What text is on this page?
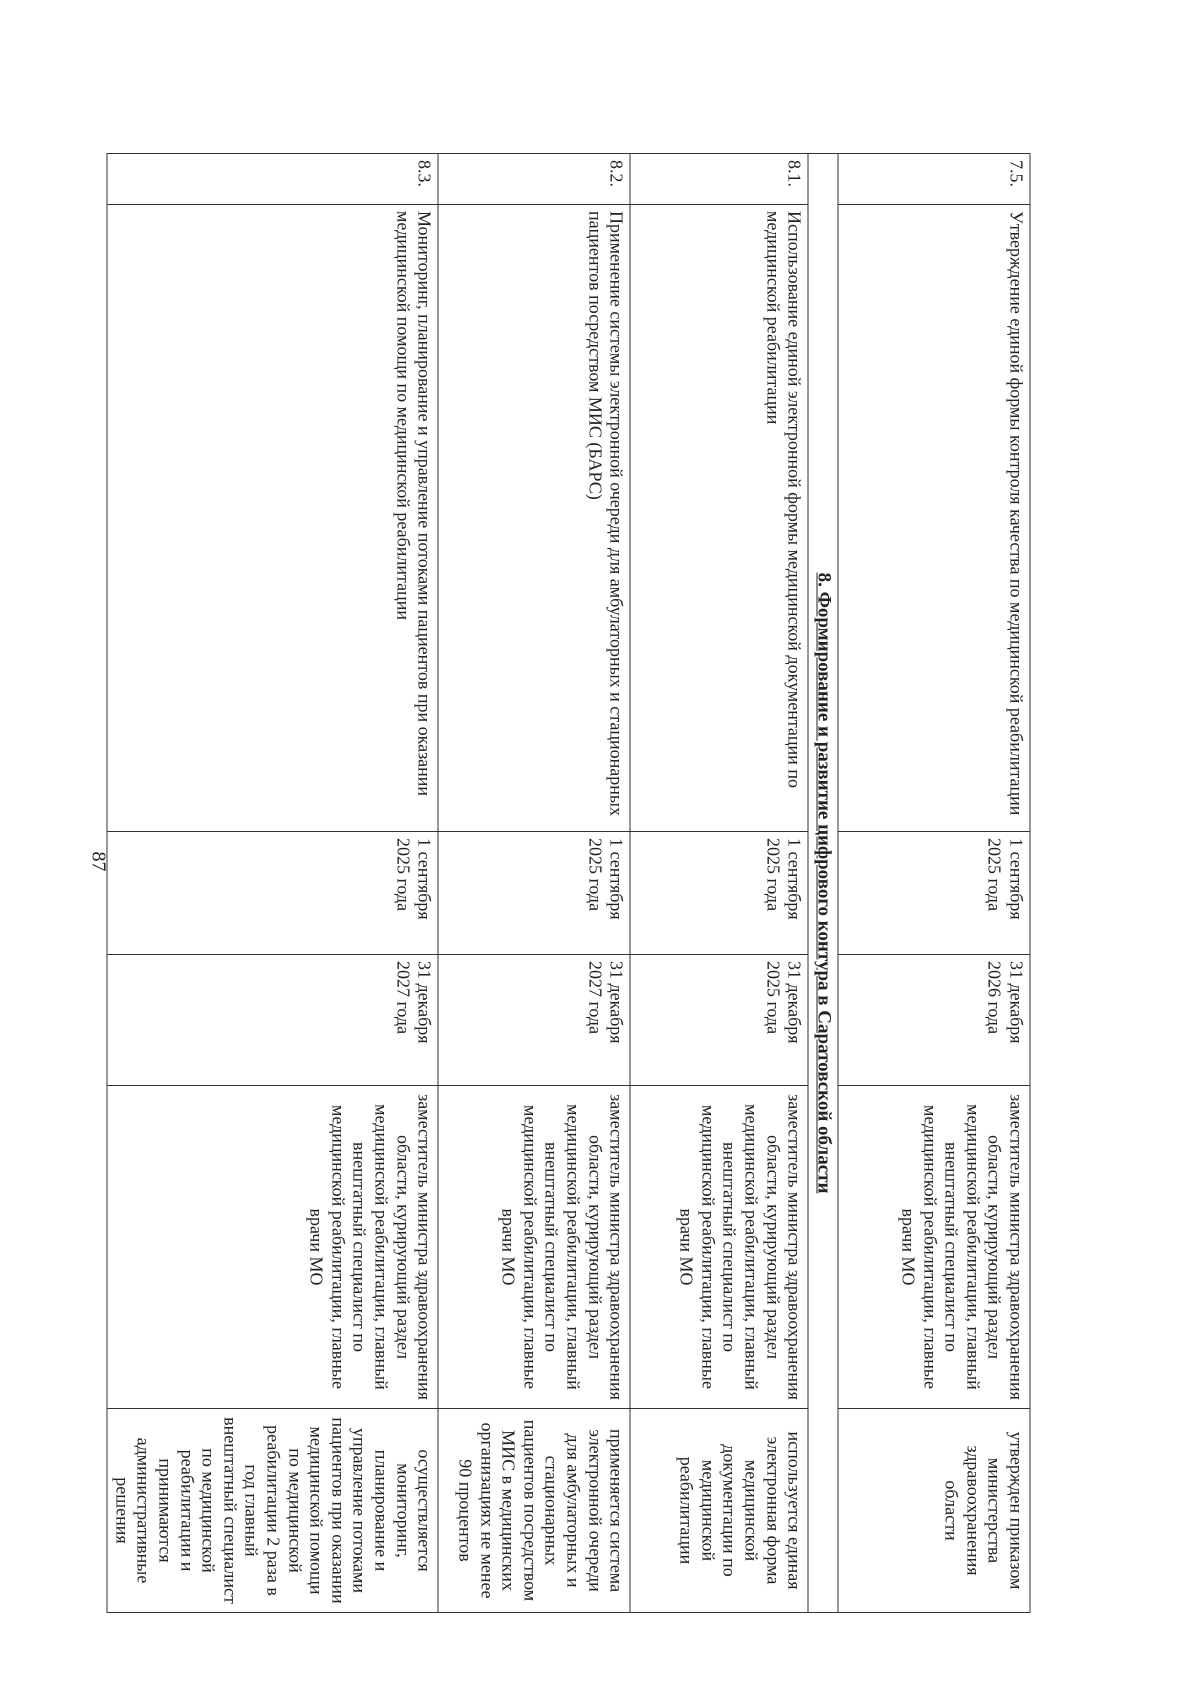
87
7.5.	Утверждение единой формы контроля качества по медицинской реабилитации	1 сентября 2025 года	31 декабря 2026 года	заместитель министра здравоохранения области, курирующий раздел медицинской реабилитации, главный внештатный специалист по медицинской реабилитации, главные врачи МО	утвержден приказом министерства здравоохранения области
8. Формирование и развитие цифрового контура в Саратовской области					
8.1.	Использование единой электронной формы медицинской документации по медицинской реабилитации	1 сентября 2025 года	31 декабря 2025 года	заместитель министра здравоохранения области, курирующий раздел медицинской реабилитации, главный внештатный специалист по медицинской реабилитации, главные врачи МО	используется единая электронная форма медицинской документации по медицинской реабилитации
8.2.	Применение системы электронной очереди для амбулаторных и стационарных пациентов посредством МИС (БАРС)	1 сентября 2025 года	31 декабря 2027 года	заместитель министра здравоохранения области, курирующий раздел медицинской реабилитации, главный внештатный специалист по медицинской реабилитации, главные врачи МО	применяется система электронной очереди для амбулаторных и стационарных пациентов посредством МИС в медицинских организациях не менее 90 процентов
8.3.	Мониторинг, планирование и управление потоками пациентов при оказании медицинской помощи по медицинской реабилитации	1 сентября 2025 года	31 декабря 2027 года	заместитель министра здравоохранения области, курирующий раздел медицинской реабилитации, главный внештатный специалист по медицинской реабилитации, главные врачи МО	осуществляется мониторинг, планирование и управление потоками пациентов при оказании медицинской помощи по медицинской реабилитации 2 раза в год главный внештатный специалист по медицинской реабилитации и принимаются административные решения
